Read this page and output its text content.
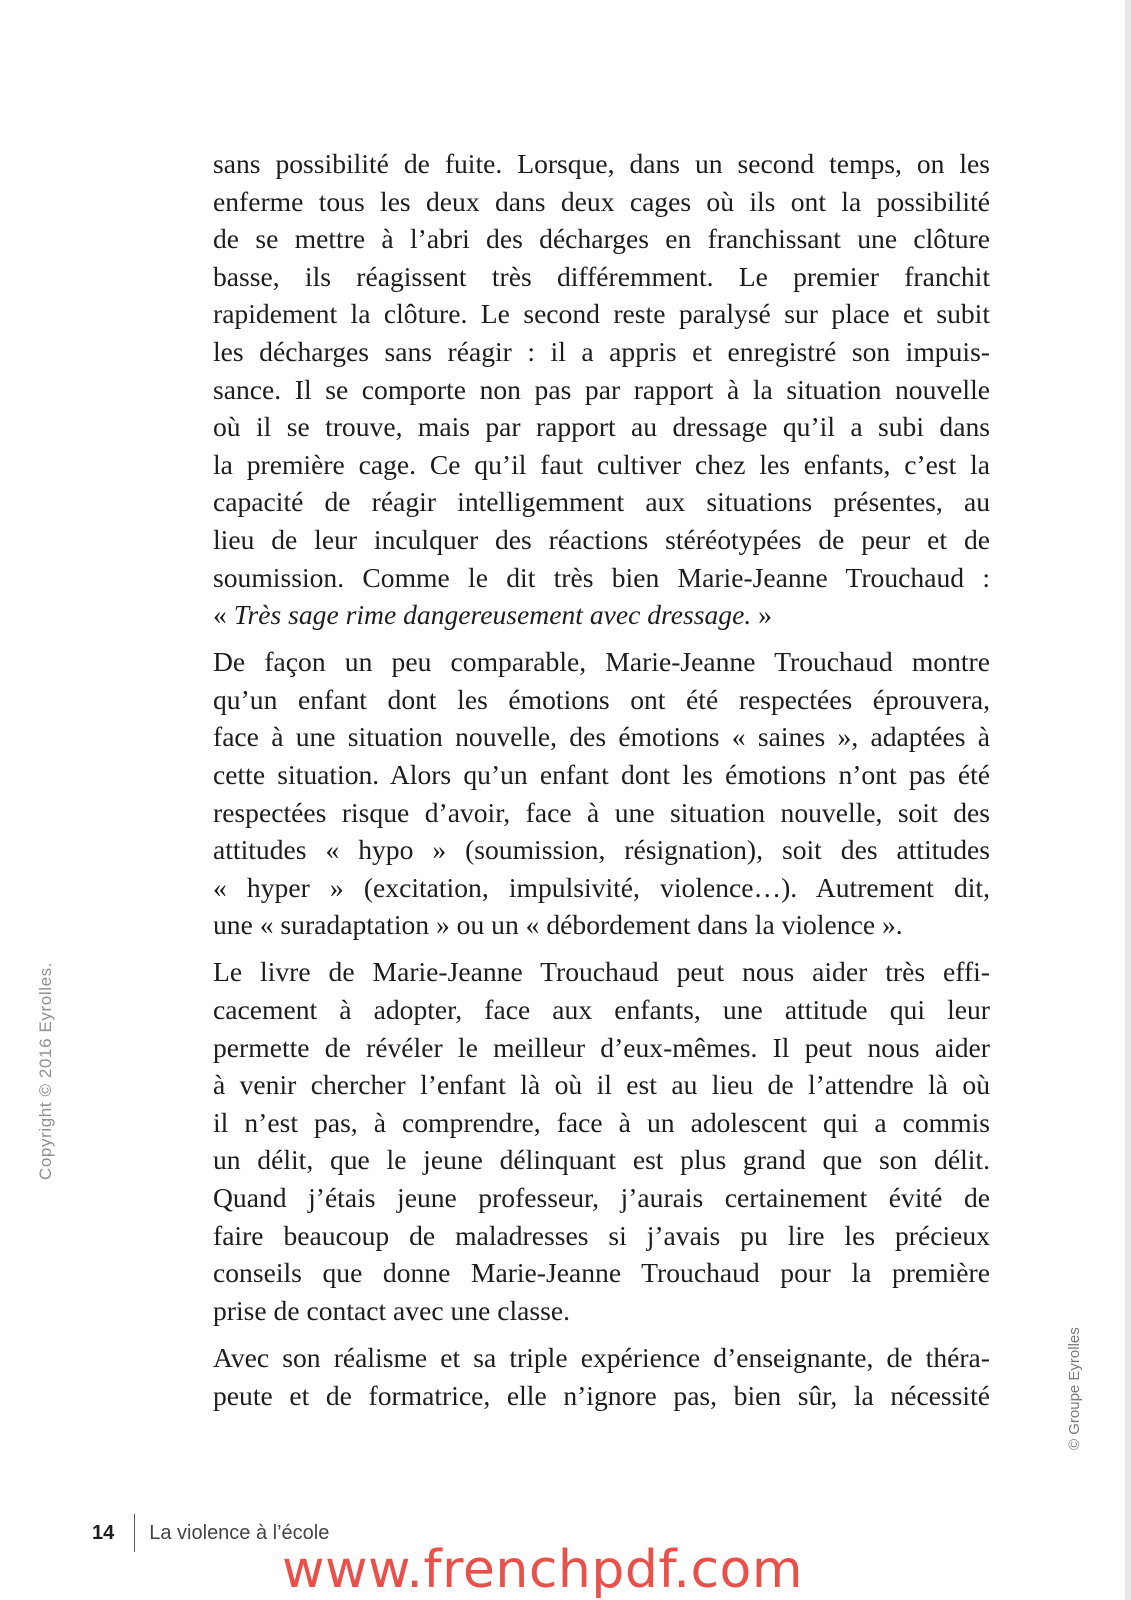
sans possibilité de fuite. Lorsque, dans un second temps, on les
enferme tous les deux dans deux cages où ils ont la possibilité
de se mettre à l’abri des décharges en franchissant une clôture
basse, ils réagissent très différemment. Le premier franchit
rapidement la clôture. Le second reste paralysé sur place et subit
les décharges sans réagir : il a appris et enregistré son impuis-
sance. Il se comporte non pas par rapport à la situation nouvelle
où il se trouve, mais par rapport au dressage qu’il a subi dans
la première cage. Ce qu’il faut cultiver chez les enfants, c’est la
capacité de réagir intelligemment aux situations présentes, au
lieu de leur inculquer des réactions stéréotypées de peur et de
soumission. Comme le dit très bien Marie-Jeanne Trouchaud :
« Très sage rime dangereusement avec dressage. »
De façon un peu comparable, Marie-Jeanne Trouchaud montre
qu’un enfant dont les émotions ont été respectées éprouvera,
face à une situation nouvelle, des émotions « saines », adaptées à
cette situation. Alors qu’un enfant dont les émotions n’ont pas été
respectées risque d’avoir, face à une situation nouvelle, soit des
attitudes « hypo » (soumission, résignation), soit des attitudes
« hyper » (excitation, impulsivité, violence…). Autrement dit,
une « suradaptation » ou un « débordement dans la violence ».
Le livre de Marie-Jeanne Trouchaud peut nous aider très effi-
cacement à adopter, face aux enfants, une attitude qui leur
permette de révéler le meilleur d’eux-mêmes. Il peut nous aider
à venir chercher l’enfant là où il est au lieu de l’attendre là où
il n’est pas, à comprendre, face à un adolescent qui a commis
un délit, que le jeune délinquant est plus grand que son délit.
Quand j’étais jeune professeur, j’aurais certainement évité de
faire beaucoup de maladresses si j’avais pu lire les précieux
conseils que donne Marie-Jeanne Trouchaud pour la première
prise de contact avec une classe.
Avec son réalisme et sa triple expérience d’enseignante, de théra-
peute et de formatrice, elle n’ignore pas, bien sûr, la nécessité
Copyright © 2016 Eyrolles.
© Groupe Eyrolles
14 La violence à l’école
www.frenchpdf.com
